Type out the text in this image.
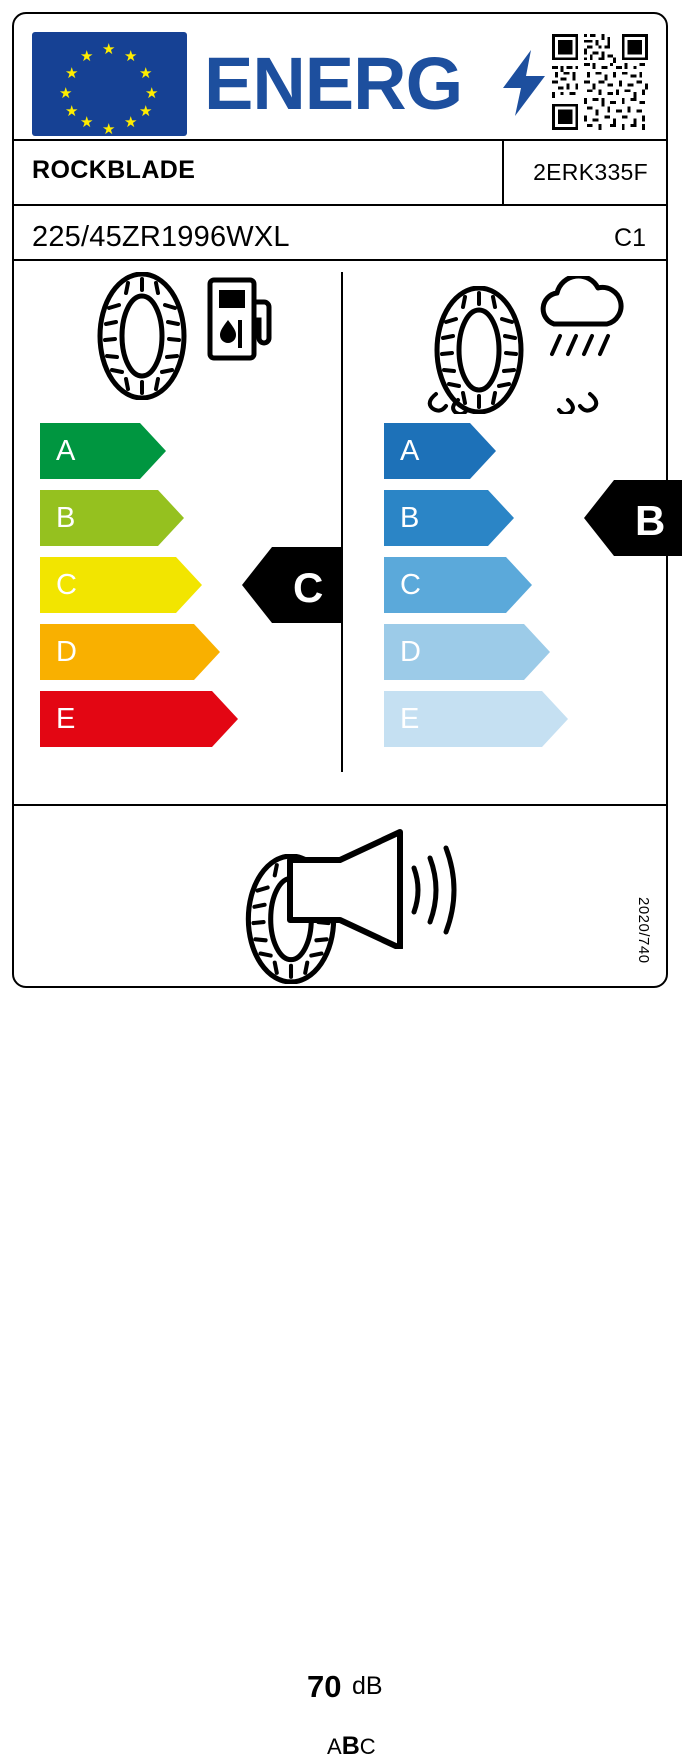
★
★ ★
★	★
★	★
★	★
★ ★
★
ENERG
ROCKBLADE	2ERK335F
225/45ZR1996WXL	C1
A
B
C
D
E
C
A
B
C
D
E
B
70 dB
ABC
2020/740
